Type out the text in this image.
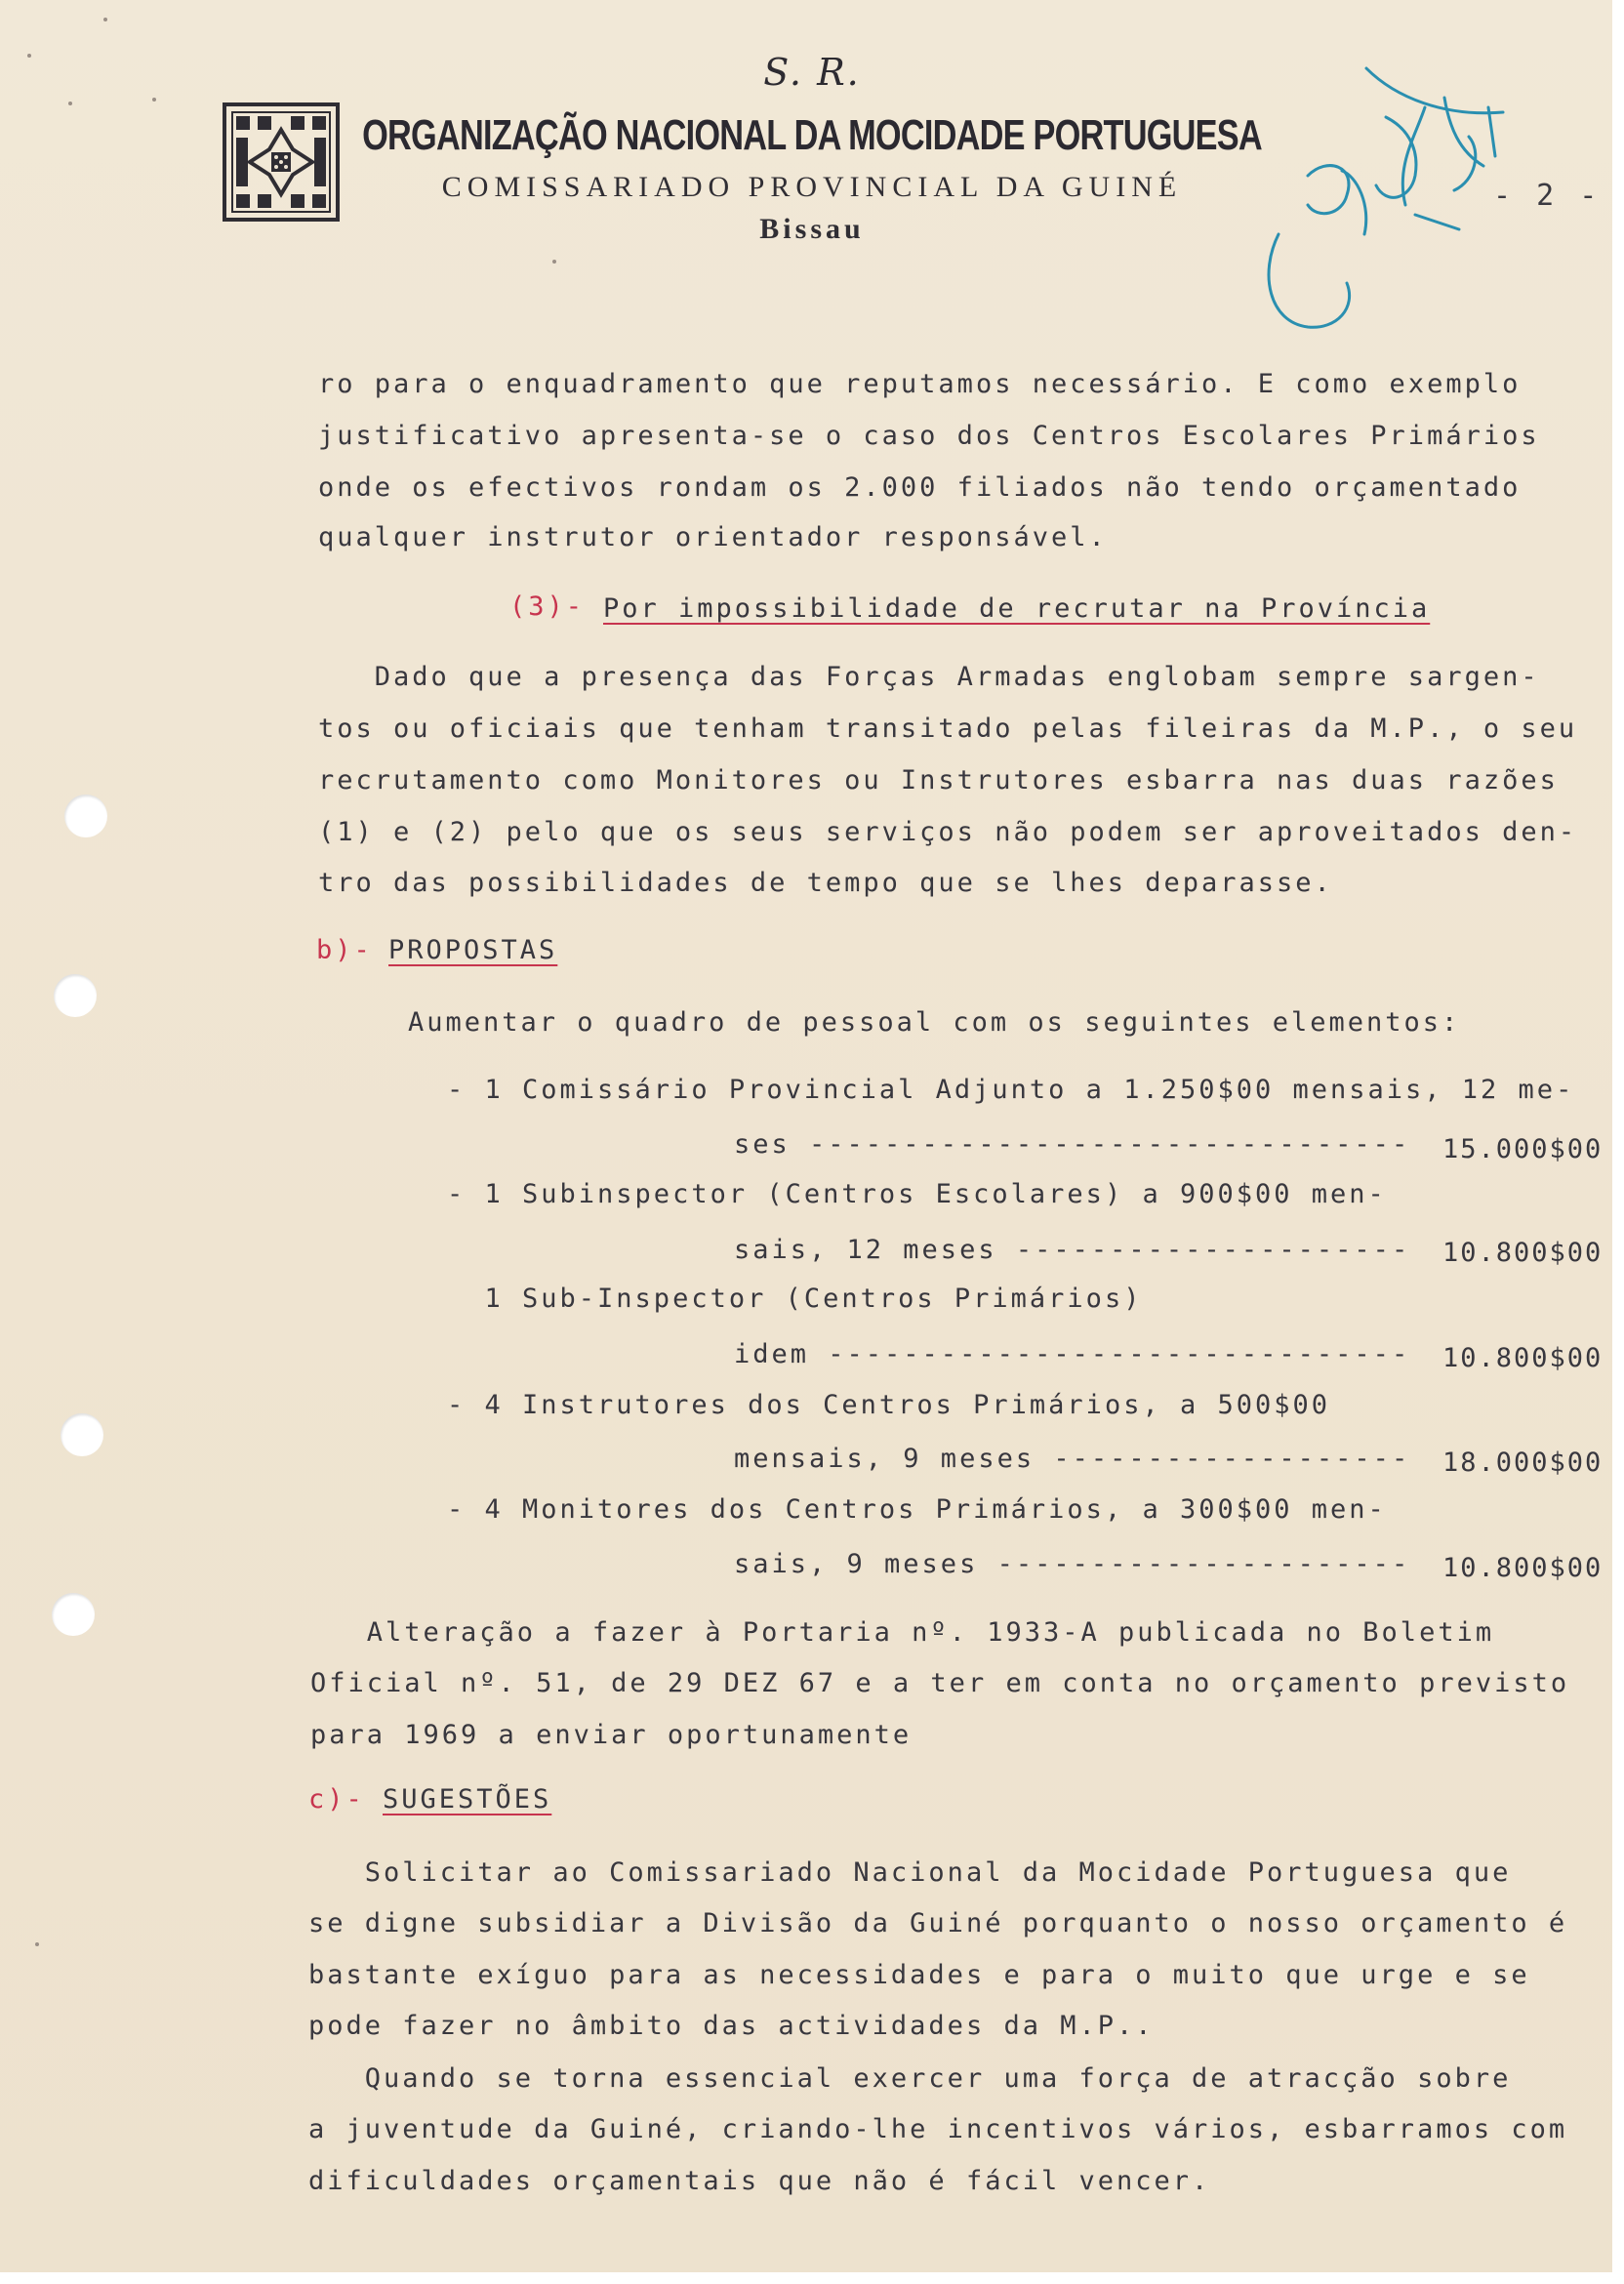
S. R.
ORGANIZAÇÃO NACIONAL DA MOCIDADE PORTUGUESA
COMISSARIADO PROVINCIAL DA GUINÉ
Bissau
- 2 -
ro para o enquadramento que reputamos necessário. E como exemplo
justificativo apresenta-se o caso dos Centros Escolares Primários
onde os efectivos rondam os 2.000 filiados não tendo orçamentado
qualquer instrutor orientador responsável.
(3)- Por impossibilidade de recrutar na Província
Dado que a presença das Forças Armadas englobam sempre sargen-
tos ou oficiais que tenham transitado pelas fileiras da M.P., o seu
recrutamento como Monitores ou Instrutores esbarra nas duas razões
(1) e (2) pelo que os seus serviços não podem ser aproveitados den-
tro das possibilidades de tempo que se lhes deparasse.
b)- PROPOSTAS
Aumentar o quadro de pessoal com os seguintes elementos:
- 1 Comissário Provincial Adjunto a 1.250$00 mensais, 12 me-
ses -------------------------------- 15.000$00
- 1 Subinspector (Centros Escolares) a 900$00 men-
sais, 12 meses --------------------- 10.800$00
1 Sub-Inspector (Centros Primários)
idem ------------------------------- 10.800$00
- 4 Instrutores dos Centros Primários, a 500$00
mensais, 9 meses ------------------- 18.000$00
- 4 Monitores dos Centros Primários, a 300$00 men-
sais, 9 meses ---------------------- 10.800$00
Alteração a fazer à Portaria nº. 1933-A publicada no Boletim
Oficial nº. 51, de 29 DEZ 67 e a ter em conta no orçamento previsto
para 1969 a enviar oportunamente
c)- SUGESTÕES
Solicitar ao Comissariado Nacional da Mocidade Portuguesa que
se digne subsidiar a Divisão da Guiné porquanto o nosso orçamento é
bastante exíguo para as necessidades e para o muito que urge e se
pode fazer no âmbito das actividades da M.P..
Quando se torna essencial exercer uma força de atracção sobre
a juventude da Guiné, criando-lhe incentivos vários, esbarramos com
dificuldades orçamentais que não é fácil vencer.
